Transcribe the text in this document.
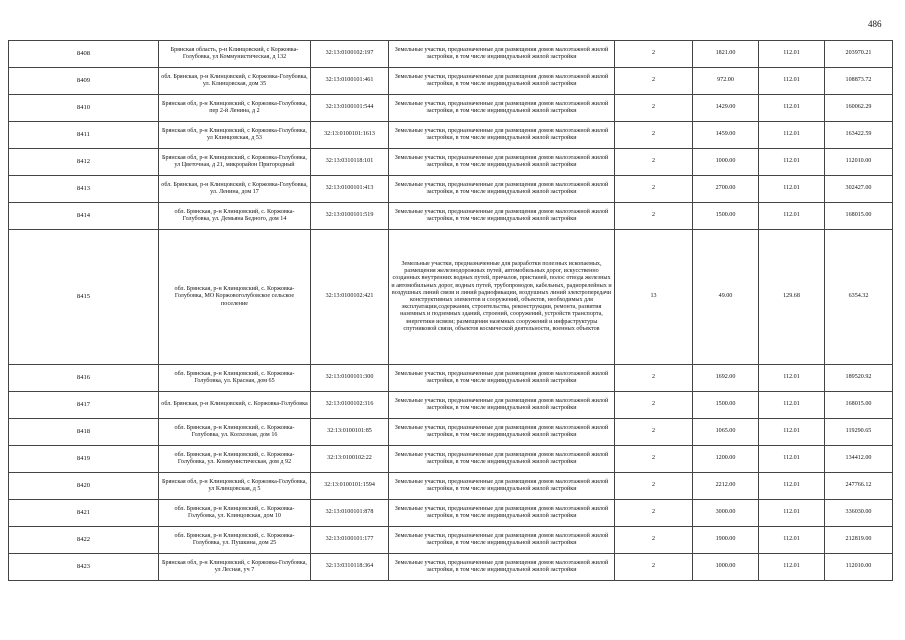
486
8408	Брянская область, р-н Клинцовский, с Коржовка-Голубовка, ул Коммунистическая, д 132	32:13:0100102:197	Земельные участки, предназначенные для размещения домов малоэтажной жилой застройки, в том числе индивидуальной жилой застройки	2	1821.00	112.01	203970.21
8409	обл. Брянская, р-н Клинцовский, с Коржовка-Голубовка, ул. Клинцовская, дом 35	32:13:0100101:461	Земельные участки, предназначенные для размещения домов малоэтажной жилой застройки, в том числе индивидуальной жилой застройки	2	972.00	112.01	108873.72
8410	Брянская обл, р-н Клинцовский, с Коржовка-Голубовка, пер 2-й Ленина, д 2	32:13:0100101:544	Земельные участки, предназначенные для размещения домов малоэтажной жилой застройки, в том числе индивидуальной жилой застройки	2	1429.00	112.01	160062.29
8411	Брянская обл, р-н Клинцовский, с Коржовка-Голубовка, ул Клинцовская, д 53	32:13:0100101:1613	Земельные участки, предназначенные для размещения домов малоэтажной жилой застройки, в том числе индивидуальной жилой застройки	2	1459.00	112.01	163422.59
8412	Брянская обл, р-н Клинцовский, с Коржовка-Голубовка, ул Цветочная, д 21, микрорайон Пригородный	32:13:0310118:101	Земельные участки, предназначенные для размещения домов малоэтажной жилой застройки, в том числе индивидуальной жилой застройки	2	1000.00	112.01	112010.00
8413	обл. Брянская, р-н Клинцовский, с Коржовка-Голубовка, ул. Ленина, дом 17	32:13:0100101:413	Земельные участки, предназначенные для размещения домов малоэтажной жилой застройки, в том числе индивидуальной жилой застройки	2	2700.00	112.01	302427.00
8414	обл. Брянская, р-н Клинцовский, с. Коржовка-Голубовка, ул. Демьяна Бедного, дом 14	32:13:0100101:519	Земельные участки, предназначенные для размещения домов малоэтажной жилой застройки, в том числе индивидуальной жилой застройки	2	1500.00	112.01	168015.00
8415	обл. Брянская, р-н Клинцовский, с. Коржовка-Голубовка, МО Коржовоголубовское сельское поселение	32:13:0100102:421	Земельные участки, предназначенные для разработки полезных ископаемых, размещения железнодорожных путей, автомобильных дорог, искусственно созданных внутренних водных путей, причалов, пристаней, полос отвода железных и автомобильных дорог, водных путей, трубопроводов, кабельных, радиорелейных и воздушных линий связи и линий радиофикации, воздушных линий электропередачи конструктивных элементов и сооружений, объектов, необходимых для эксплуатации,содержания, строительства, реконструкции, ремонта, развития наземных и подземных зданий, строений, сооружений, устройств транспорта, энергетики иcвязи; размещения наземных сооружений и инфраструктуры спутниковой связи, объектов космической деятельности, военных объектов	13	49.00	129.68	6354.32
8416	обл. Брянская, р-н Клинцовский, с. Коржовка-Голубовка, ул. Красная, дом 65	32:13:0100101:300	Земельные участки, предназначенные для размещения домов малоэтажной жилой застройки, в том числе индивидуальной жилой застройки	2	1692.00	112.01	189520.92
8417	обл. Брянская, р-н Клинцовский, с. Коржовка-Голубовка	32:13:0100102:316	Земельные участки, предназначенные для размещения домов малоэтажной жилой застройки, в том числе индивидуальной жилой застройки	2	1500.00	112.01	168015.00
8418	обл. Брянская, р-н Клинцовский, с. Коржовка-Голубовка, ул. Колхозная, дом 16	32:13:0100101:85	Земельные участки, предназначенные для размещения домов малоэтажной жилой застройки, в том числе индивидуальной жилой застройки	2	1065.00	112.01	119290.65
8419	обл. Брянская, р-н Клинцовский, с. Коржовка-Голубовка, ул. Коммунистическая, дом д 92	32:13:0100102:22	Земельные участки, предназначенные для размещения домов малоэтажной жилой застройки, в том числе индивидуальной жилой застройки	2	1200.00	112.01	134412.00
8420	Брянская обл, р-н Клинцовский, с Коржовка-Голубовка, ул Клинцовская, д 5	32:13:0100101:1594	Земельные участки, предназначенные для размещения домов малоэтажной жилой застройки, в том числе индивидуальной жилой застройки	2	2212.00	112.01	247766.12
8421	обл. Брянская, р-н Клинцовский, с. Коржовка-Голубовка, ул. Клинцовская, дом 10	32:13:0100101:878	Земельные участки, предназначенные для размещения домов малоэтажной жилой застройки, в том числе индивидуальной жилой застройки	2	3000.00	112.01	336030.00
8422	обл. Брянская, р-н Клинцовский, с. Коржовка-Голубовка, ул. Пушкина, дом 25	32:13:0100101:177	Земельные участки, предназначенные для размещения домов малоэтажной жилой застройки, в том числе индивидуальной жилой застройки	2	1900.00	112.01	212819.00
8423	Брянская обл, р-н Клинцовский, с Коржовка-Голубовка, ул Лесная, уч 7	32:13:0310118:364	Земельные участки, предназначенные для размещения домов малоэтажной жилой застройки, в том числе индивидуальной жилой застройки	2	1000.00	112.01	112010.00
